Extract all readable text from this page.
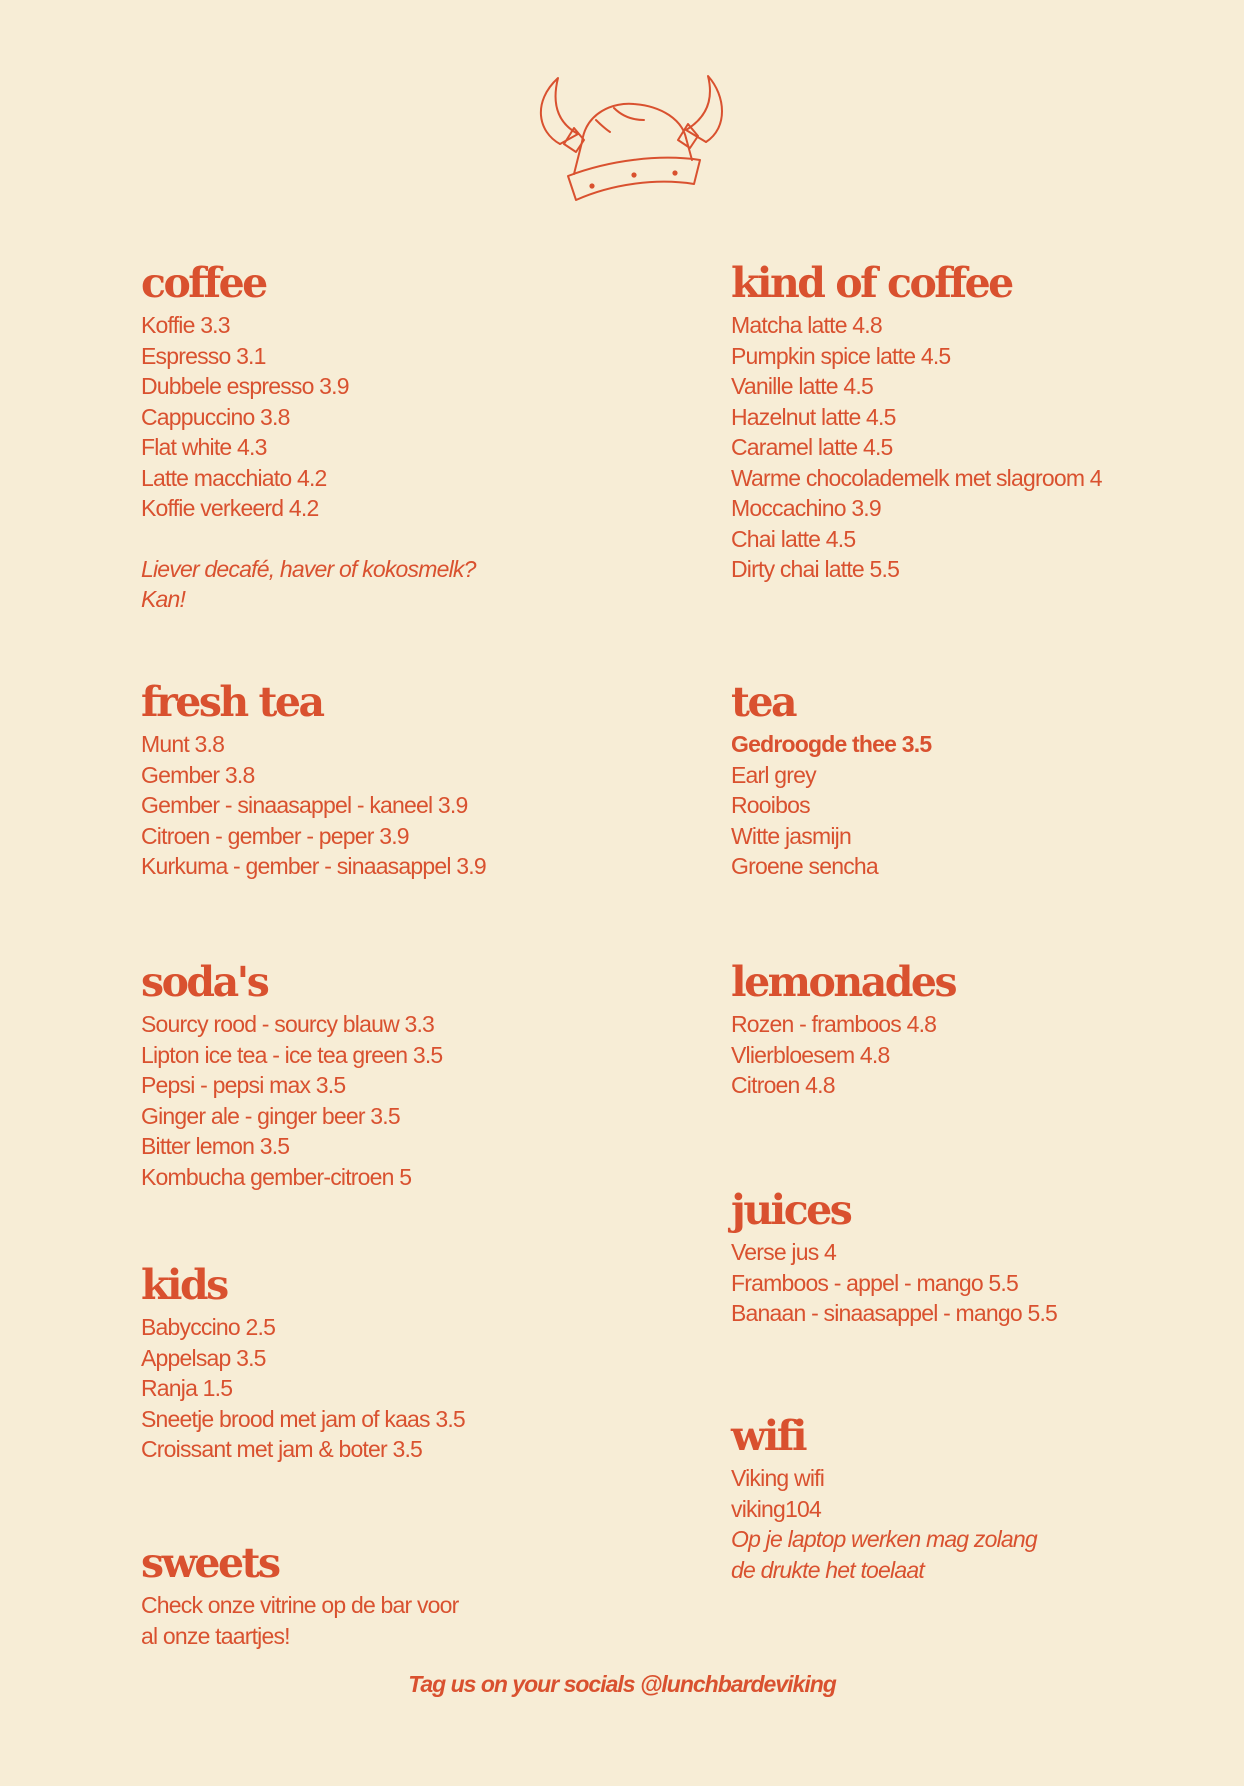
coffee
Koffie 3.3
Espresso 3.1
Dubbele espresso 3.9
Cappuccino 3.8
Flat white 4.3
Latte macchiato 4.2
Koffie verkeerd 4.2
Liever decafé, haver of kokosmelk?
Kan!
kind of coffee
Matcha latte 4.8
Pumpkin spice latte 4.5
Vanille latte 4.5
Hazelnut latte 4.5
Caramel latte 4.5
Warme chocolademelk met slagroom 4
Moccachino 3.9
Chai latte 4.5
Dirty chai latte 5.5
fresh tea
Munt 3.8
Gember 3.8
Gember - sinaasappel - kaneel 3.9
Citroen - gember - peper 3.9
Kurkuma - gember - sinaasappel 3.9
tea
Gedroogde thee 3.5
Earl grey
Rooibos
Witte jasmijn
Groene sencha
soda's
Sourcy rood - sourcy blauw 3.3
Lipton ice tea - ice tea green 3.5
Pepsi - pepsi max 3.5
Ginger ale - ginger beer 3.5
Bitter lemon 3.5
Kombucha gember-citroen 5
lemonades
Rozen - framboos 4.8
Vlierbloesem 4.8
Citroen 4.8
juices
Verse jus 4
Framboos - appel - mango 5.5
Banaan - sinaasappel - mango 5.5
kids
Babyccino 2.5
Appelsap 3.5
Ranja 1.5
Sneetje brood met jam of kaas 3.5
Croissant met jam & boter 3.5	wifi
Viking wifi
viking104
Op je laptop werken mag zolang
de drukte het toelaat
sweets
Check onze vitrine op de bar voor
al onze taartjes!
Tag us on your socials @lunchbardeviking
